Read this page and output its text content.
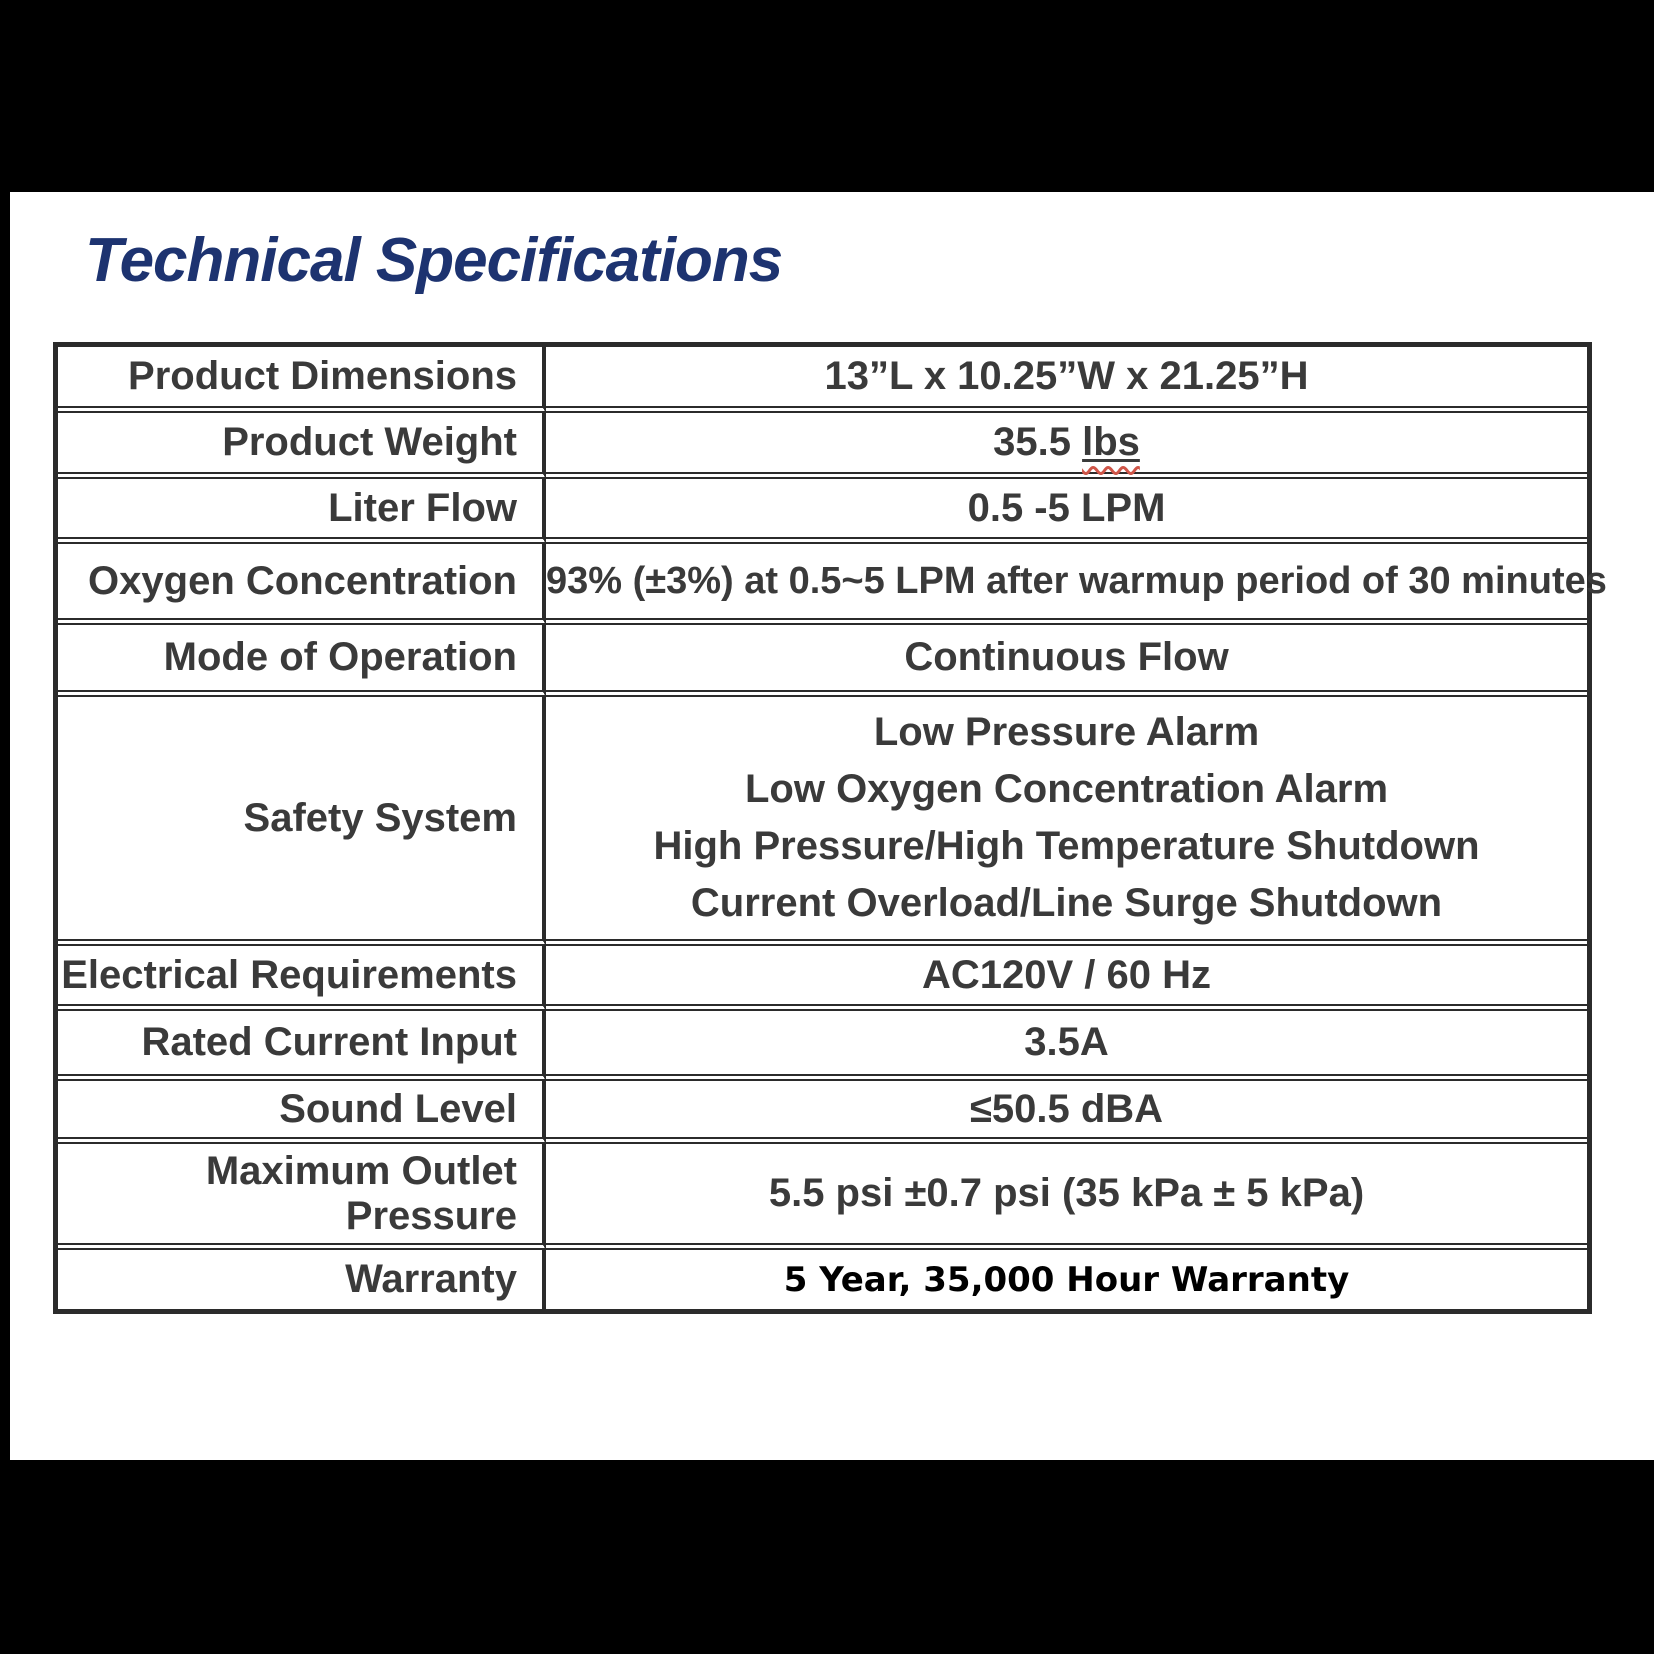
Technical Specifications
Product Dimensions	13”L x 10.25”W x 21.25”H
Product Weight	35.5 lbs
Liter Flow	0.5 -5 LPM
Oxygen Concentration	93% (±3%) at 0.5~5 LPM after warmup period of 30 minutes
Mode of Operation	Continuous Flow
Safety System	Low Pressure Alarm
Low Oxygen Concentration Alarm
High Pressure/High Temperature Shutdown
Current Overload/Line Surge Shutdown

Electrical Requirements	AC120V / 60 Hz
Rated Current Input	3.5A
Sound Level	≤50.5 dBA
Maximum Outlet Pressure	5.5 psi ±0.7 psi (35 kPa ± 5 kPa)
Warranty	5 Year, 35,000 Hour Warranty
